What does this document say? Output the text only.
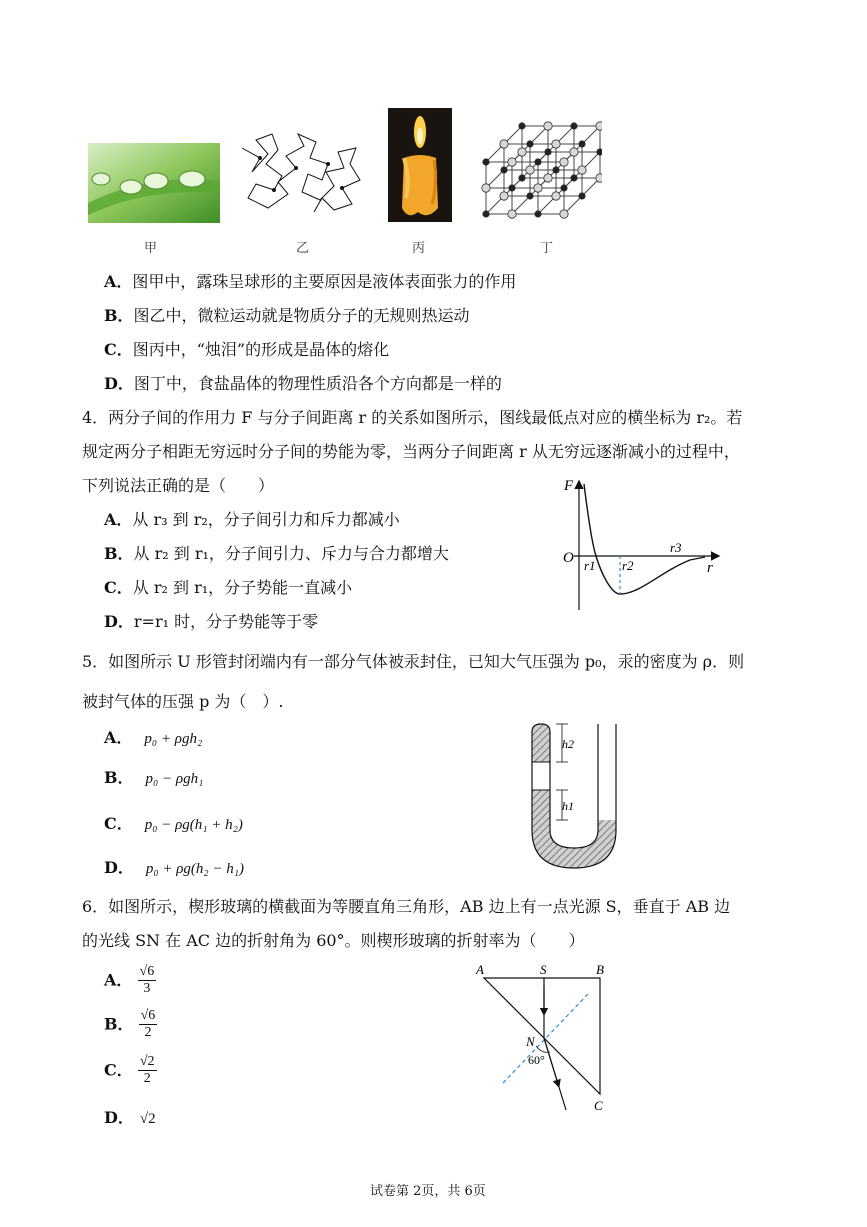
甲	乙	丙	丁
A．图甲中，露珠呈球形的主要原因是液体表面张力的作用
B．图乙中，微粒运动就是物质分子的无规则热运动
C．图丙中，“烛泪”的形成是晶体的熔化
D．图丁中，食盐晶体的物理性质沿各个方向都是一样的
4．两分子间的作用力 F 与分子间距离 r 的关系如图所示，图线最低点对应的横坐标为 r₂。若
规定两分子相距无穷远时分子间的势能为零，当两分子间距离 r 从无穷远逐渐减小的过程中，
下列说法正确的是（　　）
A．从 r₃ 到 r₂，分子间引力和斥力都减小
B．从 r₂ 到 r₁，分子间引力、斥力与合力都增大
C．从 r₂ 到 r₁，分子势能一直减小
D．r=r₁ 时，分子势能等于零
F
O
r
r1 r2
r3
5．如图所示 U 形管封闭端内有一部分气体被汞封住，已知大气压强为 p₀，汞的密度为 ρ．则
被封气体的压强 p 为（　）.
A． p₀ + ρgh₂
B． p₀ − ρgh₁
C． p₀ − ρg(h₁ + h₂)
D． p₀ + ρg(h₂ − h₁)
h2
h1
6．如图所示，楔形玻璃的横截面为等腰直角三角形，AB 边上有一点光源 S，垂直于 AB 边
的光线 SN 在 AC 边的折射角为 60°。则楔形玻璃的折射率为（　　）
A． $\frac{√6}{3}$
B． $\frac{√6}{2}$
C． $\frac{√2}{2}$
D． √2
A	S	B
N
60°
C
试卷第 2页，共 6页
